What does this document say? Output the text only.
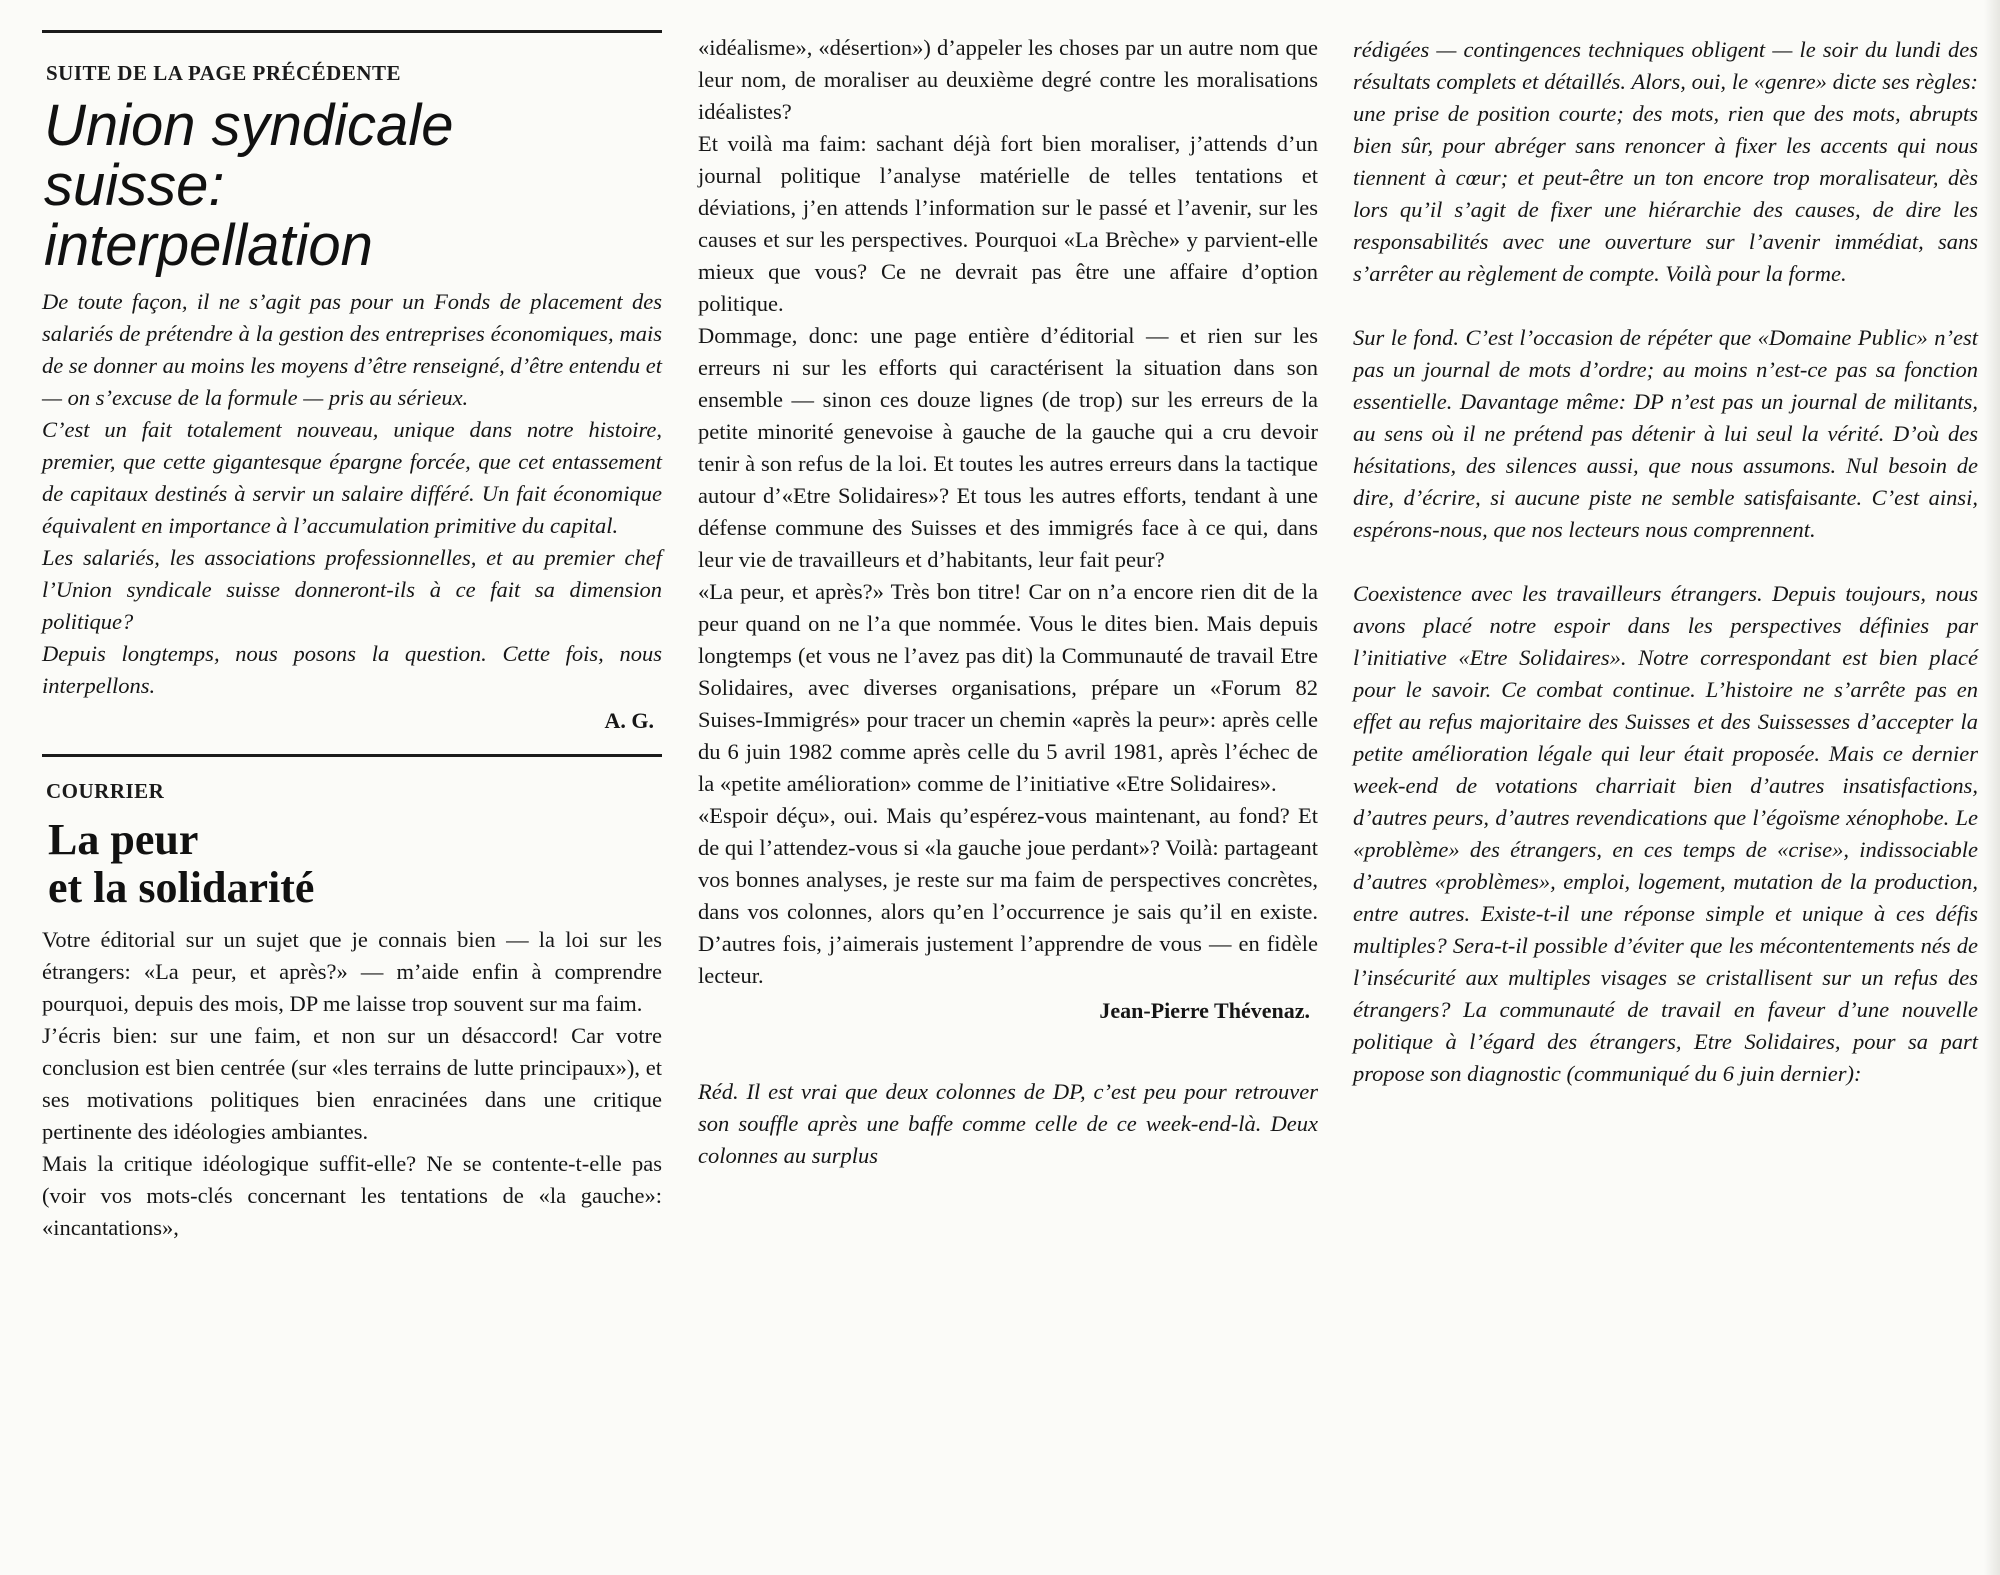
SUITE DE LA PAGE PRÉCÉDENTE
Union syndicale
suisse:
interpellation

De toute façon, il ne s’agit pas pour un Fonds de placement des salariés de prétendre à la gestion des entreprises économiques, mais de se donner au moins les moyens d’être renseigné, d’être entendu et — on s’excuse de la formule — pris au sérieux.

C’est un fait totalement nouveau, unique dans notre histoire, premier, que cette gigantesque épargne forcée, que cet entassement de capitaux destinés à servir un salaire différé. Un fait économique équivalent en importance à l’accumulation primitive du capital.

Les salariés, les associations professionnelles, et au premier chef l’Union syndicale suisse donneront-ils à ce fait sa dimension politique?

Depuis longtemps, nous posons la question. Cette fois, nous interpellons.

A. G.
COURRIER
La peur
et la solidarité

Votre éditorial sur un sujet que je connais bien — la loi sur les étrangers: «La peur, et après?» — m’aide enfin à comprendre pourquoi, depuis des mois, DP me laisse trop souvent sur ma faim.

J’écris bien: sur une faim, et non sur un désaccord! Car votre conclusion est bien centrée (sur «les terrains de lutte principaux»), et ses motivations politiques bien enracinées dans une critique pertinente des idéologies ambiantes.

Mais la critique idéologique suffit-elle? Ne se contente-t-elle pas (voir vos mots-clés concernant les tentations de «la gauche»: «incantations»,

«idéalisme», «désertion») d’appeler les choses par un autre nom que leur nom, de moraliser au deuxième degré contre les moralisations idéalistes?

Et voilà ma faim: sachant déjà fort bien moraliser, j’attends d’un journal politique l’analyse matérielle de telles tentations et déviations, j’en attends l’information sur le passé et l’avenir, sur les causes et sur les perspectives. Pourquoi «La Brèche» y parvient-elle mieux que vous? Ce ne devrait pas être une affaire d’option politique.

Dommage, donc: une page entière d’éditorial — et rien sur les erreurs ni sur les efforts qui caractérisent la situation dans son ensemble — sinon ces douze lignes (de trop) sur les erreurs de la petite minorité genevoise à gauche de la gauche qui a cru devoir tenir à son refus de la loi. Et toutes les autres erreurs dans la tactique autour d’«Etre Solidaires»? Et tous les autres efforts, tendant à une défense commune des Suisses et des immigrés face à ce qui, dans leur vie de travailleurs et d’habitants, leur fait peur?

«La peur, et après?» Très bon titre! Car on n’a encore rien dit de la peur quand on ne l’a que nommée. Vous le dites bien. Mais depuis longtemps (et vous ne l’avez pas dit) la Communauté de travail Etre Solidaires, avec diverses organisations, prépare un «Forum 82 Suises-Immigrés» pour tracer un chemin «après la peur»: après celle du 6 juin 1982 comme après celle du 5 avril 1981, après l’échec de la «petite amélioration» comme de l’initiative «Etre Solidaires».

«Espoir déçu», oui. Mais qu’espérez-vous maintenant, au fond? Et de qui l’attendez-vous si «la gauche joue perdant»? Voilà: partageant vos bonnes analyses, je reste sur ma faim de perspectives concrètes, dans vos colonnes, alors qu’en l’occurrence je sais qu’il en existe. D’autres fois, j’aimerais justement l’apprendre de vous — en fidèle lecteur.

Jean-Pierre Thévenaz.

Réd. Il est vrai que deux colonnes de DP, c’est peu pour retrouver son souffle après une baffe comme celle de ce week-end-là. Deux colonnes au surplus

rédigées — contingences techniques obligent — le soir du lundi des résultats complets et détaillés. Alors, oui, le «genre» dicte ses règles: une prise de position courte; des mots, rien que des mots, abrupts bien sûr, pour abréger sans renoncer à fixer les accents qui nous tiennent à cœur; et peut-être un ton encore trop moralisateur, dès lors qu’il s’agit de fixer une hiérarchie des causes, de dire les responsabilités avec une ouverture sur l’avenir immédiat, sans s’arrêter au règlement de compte. Voilà pour la forme.

Sur le fond. C’est l’occasion de répéter que «Domaine Public» n’est pas un journal de mots d’ordre; au moins n’est-ce pas sa fonction essentielle. Davantage même: DP n’est pas un journal de militants, au sens où il ne prétend pas détenir à lui seul la vérité. D’où des hésitations, des silences aussi, que nous assumons. Nul besoin de dire, d’écrire, si aucune piste ne semble satisfaisante. C’est ainsi, espérons-nous, que nos lecteurs nous comprennent.

Coexistence avec les travailleurs étrangers. Depuis toujours, nous avons placé notre espoir dans les perspectives définies par l’initiative «Etre Solidaires». Notre correspondant est bien placé pour le savoir. Ce combat continue. L’histoire ne s’arrête pas en effet au refus majoritaire des Suisses et des Suissesses d’accepter la petite amélioration légale qui leur était proposée. Mais ce dernier week-end de votations charriait bien d’autres insatisfactions, d’autres peurs, d’autres revendications que l’égoïsme xénophobe. Le «problème» des étrangers, en ces temps de «crise», indissociable d’autres «problèmes», emploi, logement, mutation de la production, entre autres. Existe-t-il une réponse simple et unique à ces défis multiples? Sera-t-il possible d’éviter que les mécontentements nés de l’insécurité aux multiples visages se cristallisent sur un refus des étrangers? La communauté de travail en faveur d’une nouvelle politique à l’égard des étrangers, Etre Solidaires, pour sa part propose son diagnostic (communiqué du 6 juin dernier):
